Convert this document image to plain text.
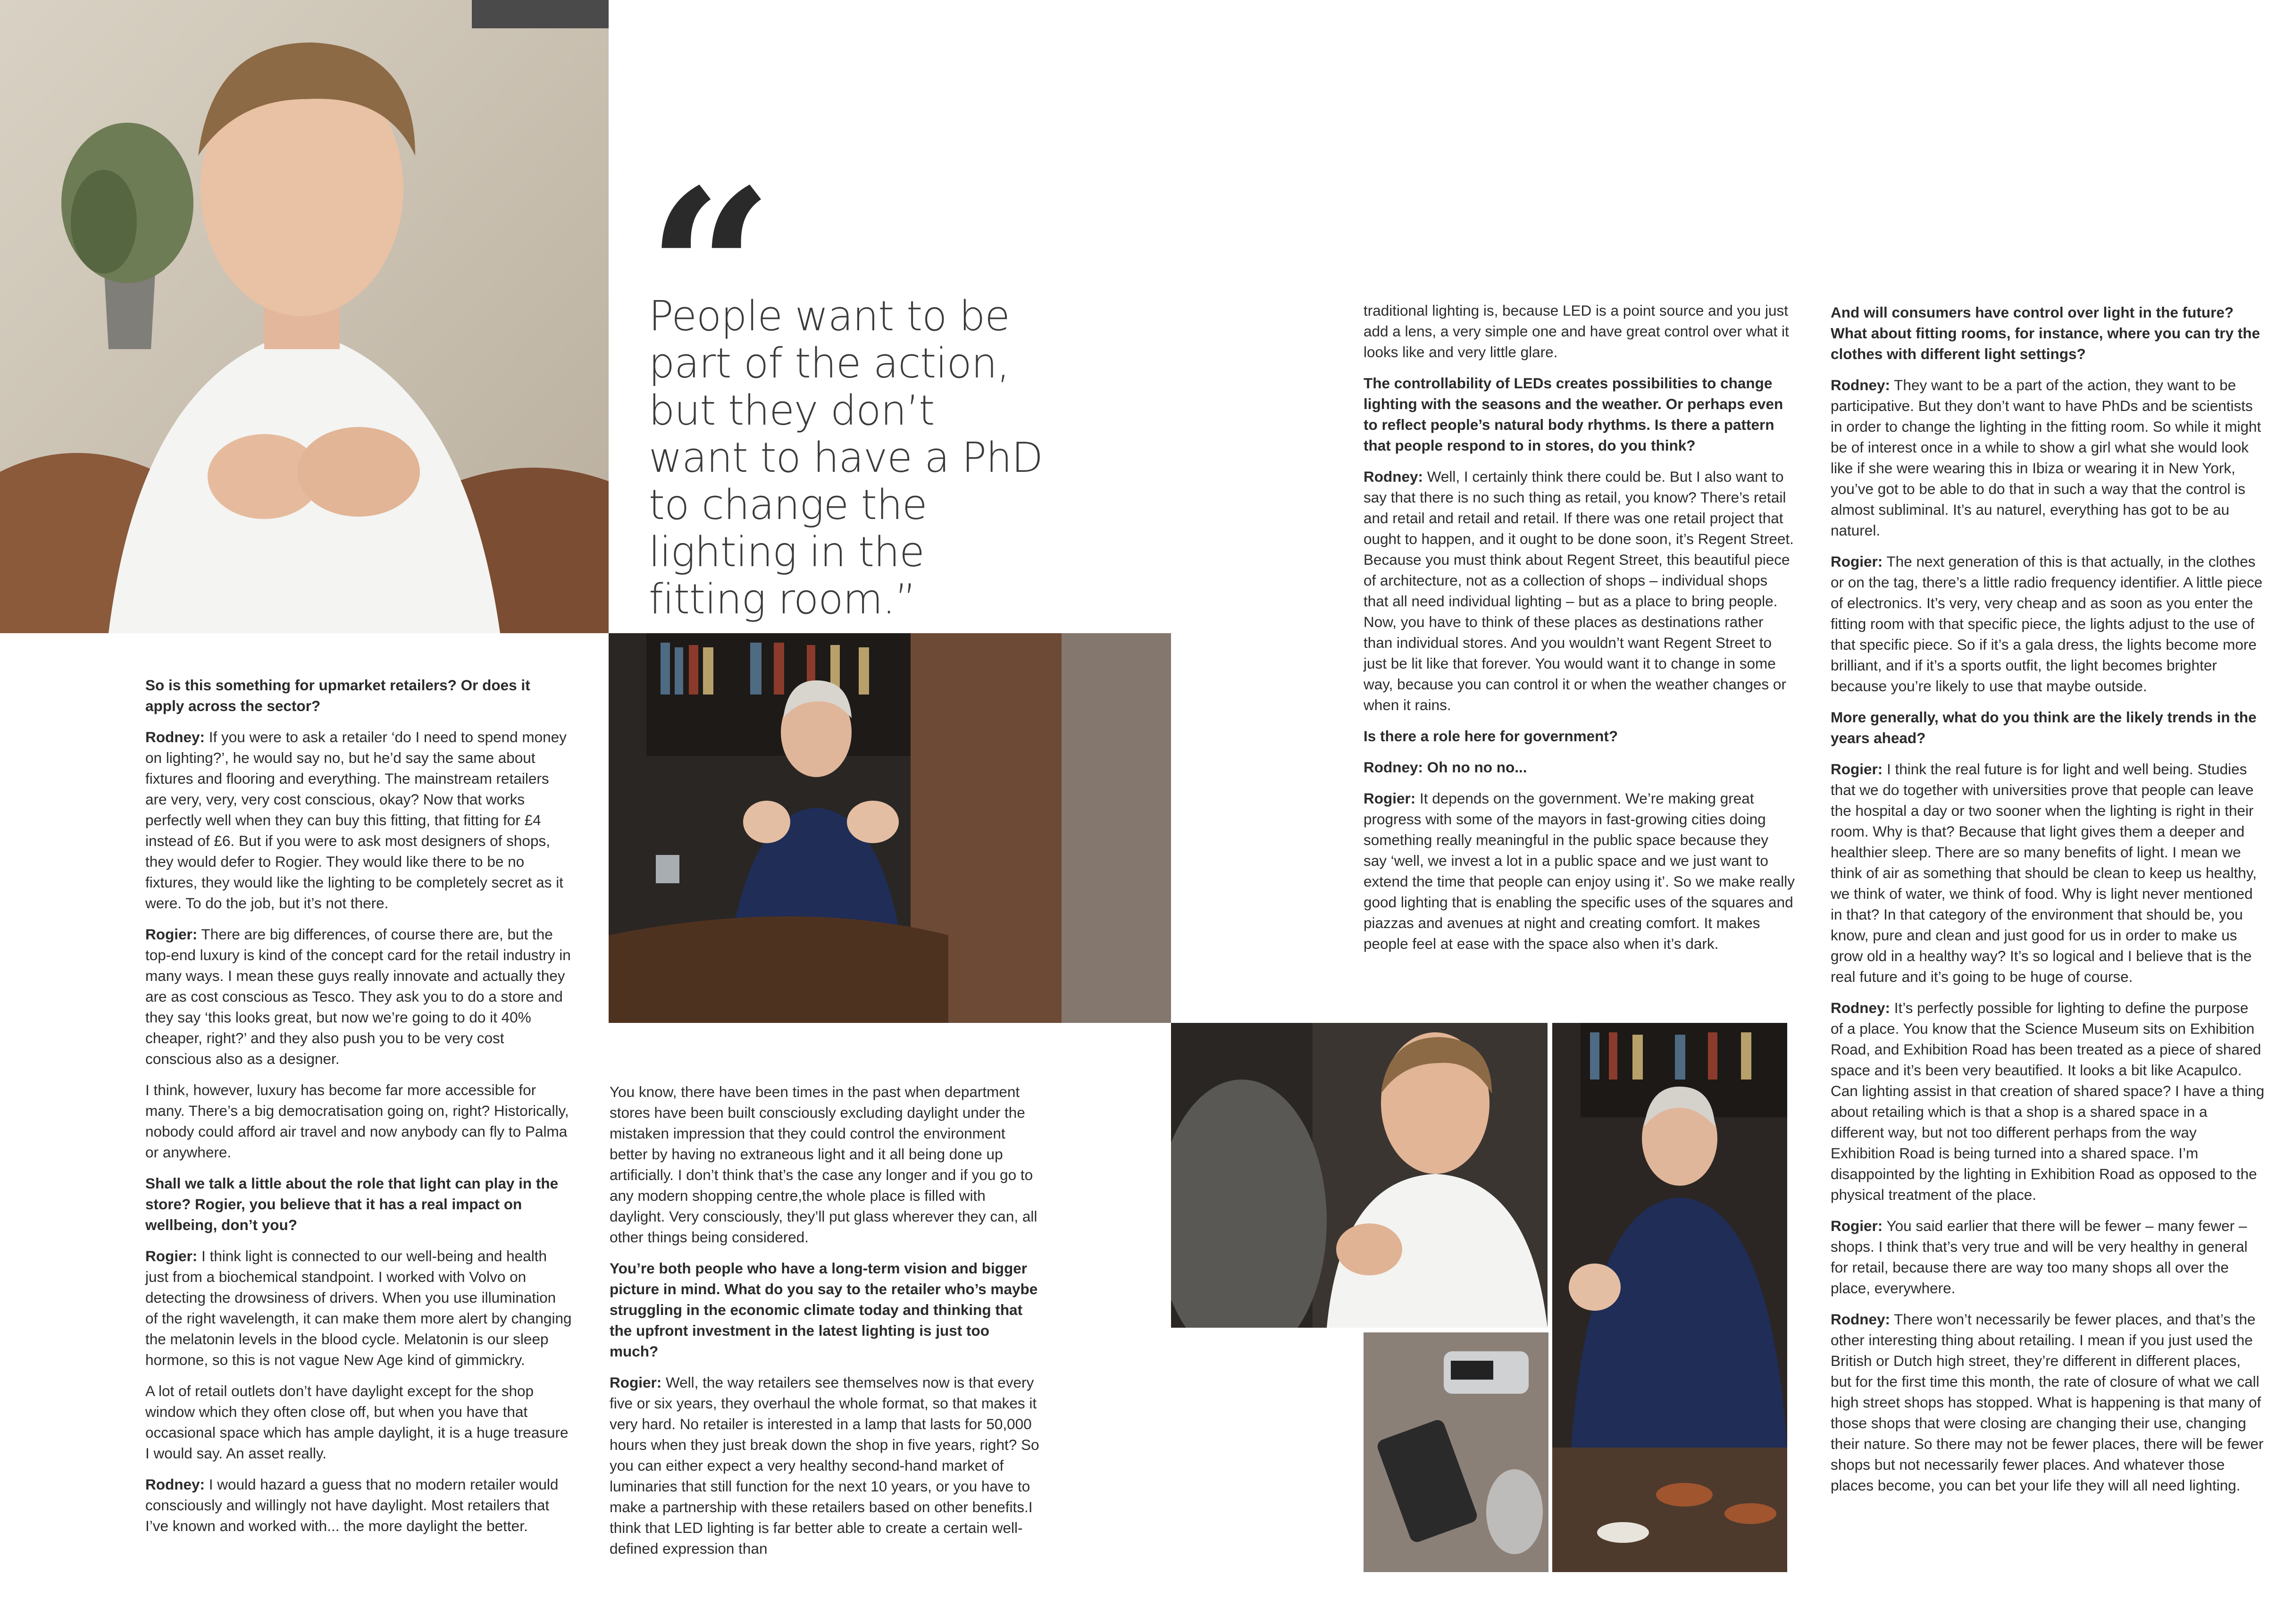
People want to be part of the action, but they don’t want to have a PhD to change the lighting in the fitting room.”

So is this something for upmarket retailers? Or does it apply across the sector?

Rodney: If you were to ask a retailer ‘do I need to spend money on lighting?’, he would say no, but he’d say the same about fixtures and flooring and everything. The mainstream retailers are very, very, very cost conscious, okay? Now that works perfectly well when they can buy this fitting, that fitting for £4 instead of £6. But if you were to ask most designers of shops, they would defer to Rogier. They would like there to be no fixtures, they would like the lighting to be completely secret as it were. To do the job, but it’s not there.

Rogier: There are big differences, of course there are, but the top-end luxury is kind of the concept card for the retail industry in many ways. I mean these guys really innovate and actually they are as cost conscious as Tesco. They ask you to do a store and they say ‘this looks great, but now we’re going to do it 40% cheaper, right?’ and they also push you to be very cost conscious also as a designer.

I think, however, luxury has become far more accessible for many. There’s a big democratisation going on, right? Historically, nobody could afford air travel and now anybody can fly to Palma or anywhere.

Shall we talk a little about the role that light can play in the store? Rogier, you believe that it has a real impact on wellbeing, don’t you?

Rogier: I think light is connected to our well-being and health just from a biochemical standpoint. I worked with Volvo on detecting the drowsiness of drivers. When you use illumination of the right wavelength, it can make them more alert by changing the melatonin levels in the blood cycle. Melatonin is our sleep hormone, so this is not vague New Age kind of gimmickry.

A lot of retail outlets don’t have daylight except for the shop window which they often close off, but when you have that occasional space which has ample daylight, it is a huge treasure I would say. An asset really.

Rodney: I would hazard a guess that no modern retailer would consciously and willingly not have daylight. Most retailers that I’ve known and worked with... the more daylight the better.

You know, there have been times in the past when department stores have been built consciously excluding daylight under the mistaken impression that they could control the environment better by having no extraneous light and it all being done up artificially. I don’t think that’s the case any longer and if you go to any modern shopping centre,the whole place is filled with daylight. Very consciously, they’ll put glass wherever they can, all other things being considered.

You’re both people who have a long-term vision and bigger picture in mind. What do you say to the retailer who’s maybe struggling in the economic climate today and thinking that the upfront investment in the latest lighting is just too much?

Rogier: Well, the way retailers see themselves now is that every five or six years, they overhaul the whole format, so that makes it very hard. No retailer is interested in a lamp that lasts for 50,000 hours when they just break down the shop in five years, right? So you can either expect a very healthy second-hand market of luminaries that still function for the next 10 years, or you have to make a partnership with these retailers based on other benefits.I think that LED lighting is far better able to create a certain well-defined expression than

traditional lighting is, because LED is a point source and you just add a lens, a very simple one and have great control over what it looks like and very little glare.

The controllability of LEDs creates possibilities to change lighting with the seasons and the weather. Or perhaps even to reflect people’s natural body rhythms. Is there a pattern that people respond to in stores, do you think?

Rodney: Well, I certainly think there could be. But I also want to say that there is no such thing as retail, you know? There’s retail and retail and retail and retail. If there was one retail project that ought to happen, and it ought to be done soon, it’s Regent Street. Because you must think about Regent Street, this beautiful piece of architecture, not as a collection of shops – individual shops that all need individual lighting – but as a place to bring people. Now, you have to think of these places as destinations rather than individual stores. And you wouldn’t want Regent Street to just be lit like that forever. You would want it to change in some way, because you can control it or when the weather changes or when it rains.

Is there a role here for government?

Rodney: Oh no no no...

Rogier: It depends on the government. We’re making great progress with some of the mayors in fast-growing cities doing something really meaningful in the public space because they say ‘well, we invest a lot in a public space and we just want to extend the time that people can enjoy using it’. So we make really good lighting that is enabling the specific uses of the squares and piazzas and avenues at night and creating comfort. It makes people feel at ease with the space also when it’s dark.

And will consumers have control over light in the future? What about fitting rooms, for instance, where you can try the clothes with different light settings?

Rodney: They want to be a part of the action, they want to be participative. But they don’t want to have PhDs and be scientists in order to change the lighting in the fitting room. So while it might be of interest once in a while to show a girl what she would look like if she were wearing this in Ibiza or wearing it in New York, you’ve got to be able to do that in such a way that the control is almost subliminal. It’s au naturel, everything has got to be au naturel.

Rogier: The next generation of this is that actually, in the clothes or on the tag, there’s a little radio frequency identifier. A little piece of electronics. It’s very, very cheap and as soon as you enter the fitting room with that specific piece, the lights adjust to the use of that specific piece. So if it’s a gala dress, the lights become more brilliant, and if it’s a sports outfit, the light becomes brighter because you’re likely to use that maybe outside.

More generally, what do you think are the likely trends in the years ahead?

Rogier: I think the real future is for light and well being. Studies that we do together with universities prove that people can leave the hospital a day or two sooner when the lighting is right in their room. Why is that? Because that light gives them a deeper and healthier sleep. There are so many benefits of light. I mean we think of air as something that should be clean to keep us healthy, we think of water, we think of food. Why is light never mentioned in that? In that category of the environment that should be, you know, pure and clean and just good for us in order to make us grow old in a healthy way? It’s so logical and I believe that is the real future and it’s going to be huge of course.

Rodney: It’s perfectly possible for lighting to define the purpose of a place. You know that the Science Museum sits on Exhibition Road, and Exhibition Road has been treated as a piece of shared space and it’s been very beautified. It looks a bit like Acapulco. Can lighting assist in that creation of shared space? I have a thing about retailing which is that a shop is a shared space in a different way, but not too different perhaps from the way Exhibition Road is being turned into a shared space. I’m disappointed by the lighting in Exhibition Road as opposed to the physical treatment of the place.

Rogier: You said earlier that there will be fewer – many fewer – shops. I think that’s very true and will be very healthy in general for retail, because there are way too many shops all over the place, everywhere.

Rodney: There won’t necessarily be fewer places, and that’s the other interesting thing about retailing. I mean if you just used the British or Dutch high street, they’re different in different places, but for the first time this month, the rate of closure of what we call high street shops has stopped. What is happening is that many of those shops that were closing are changing their use, changing their nature. So there may not be fewer places, there will be fewer shops but not necessarily fewer places. And whatever those places become, you can bet your life they will all need lighting.
